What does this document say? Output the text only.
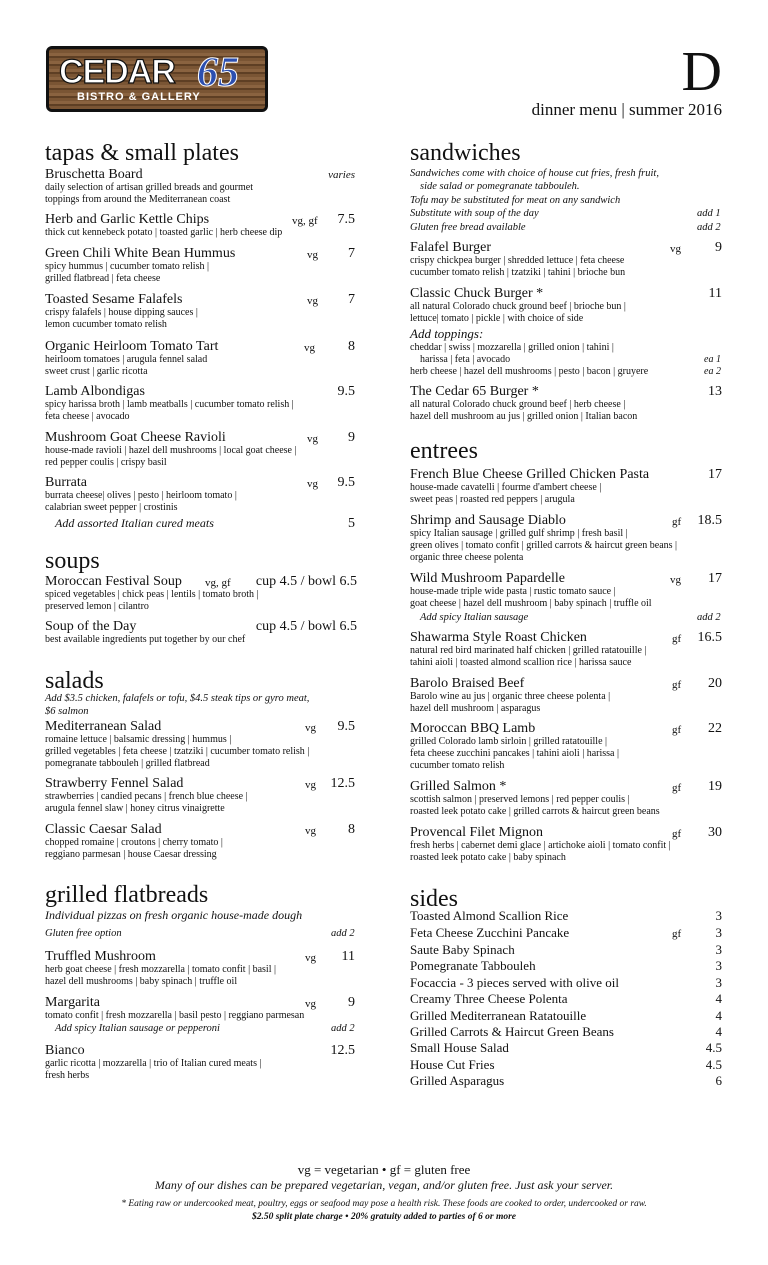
CEDAR 65
BISTRO & GALLERY	D
dinner menu | summer 2016
tapas & small plates
Bruschetta Board	varies
daily selection of artisan grilled breads and gourmet
toppings from around the Mediterranean coast
Herb and Garlic Kettle Chips	vg, gf 7.5
thick cut kennebeck potato | toasted garlic | herb cheese dip
Green Chili White Bean Hummus	vg 7
spicy hummus | cucumber tomato relish |
grilled flatbread | feta cheese
Toasted Sesame Falafels	vg 7
crispy falafels | house dipping sauces |
lemon cucumber tomato relish
Organic Heirloom Tomato Tart	vg 8
heirloom tomatoes | arugula fennel salad
sweet crust | garlic ricotta
Lamb Albondigas	9.5
spicy harissa broth | lamb meatballs | cucumber tomato relish |
feta cheese | avocado
Mushroom Goat Cheese Ravioli	vg 9
house-made ravioli | hazel dell mushrooms | local goat cheese |
red pepper coulis | crispy basil
Burrata	vg 9.5
burrata cheese| olives | pesto | heirloom tomato |
calabrian sweet pepper | crostinis
Add assorted Italian cured meats	5
soups
Moroccan Festival Soup vg, gf cup 4.5 / bowl 6.5
spiced vegetables | chick peas | lentils | tomato broth |
preserved lemon | cilantro
Soup of the Day	cup 4.5 / bowl 6.5
best available ingredients put together by our chef
salads
Add $3.5 chicken, falafels or tofu, $4.5 steak tips or gyro meat,
$6 salmon
Mediterranean Salad	vg 9.5
romaine lettuce | balsamic dressing | hummus |
grilled vegetables | feta cheese | tzatziki | cucumber tomato relish |
pomegranate tabbouleh | grilled flatbread
Strawberry Fennel Salad	vg 12.5
strawberries | candied pecans | french blue cheese |
arugula fennel slaw | honey citrus vinaigrette
Classic Caesar Salad	vg 8
chopped romaine | croutons | cherry tomato |
reggiano parmesan | house Caesar dressing
grilled flatbreads
Individual pizzas on fresh organic house-made dough
Gluten free option	add 2
Truffled Mushroom	vg 11
herb goat cheese | fresh mozzarella | tomato confit | basil |
hazel dell mushrooms | baby spinach | truffle oil
Margarita	vg 9
tomato confit | fresh mozzarella | basil pesto | reggiano parmesan
Add spicy Italian sausage or pepperoni	add 2
Bianco	12.5
garlic ricotta | mozzarella | trio of Italian cured meats |
fresh herbs
sandwiches
Sandwiches come with choice of house cut fries, fresh fruit,
side salad or pomegranate tabbouleh.
Tofu may be substituted for meat on any sandwich
Substitute with soup of the day	add 1
Gluten free bread available	add 2
Falafel Burger	vg 9
crispy chickpea burger | shredded lettuce | feta cheese
cucumber tomato relish | tzatziki | tahini | brioche bun
Classic Chuck Burger *	11
all natural Colorado chuck ground beef | brioche bun |
lettuce| tomato | pickle | with choice of side
Add toppings:
cheddar | swiss | mozzarella | grilled onion | tahini |
harissa | feta | avocado	ea 1
herb cheese | hazel dell mushrooms | pesto | bacon | gruyere	ea 2
The Cedar 65 Burger *	13
all natural Colorado chuck ground beef | herb cheese |
hazel dell mushroom au jus | grilled onion | Italian bacon
entrees
French Blue Cheese Grilled Chicken Pasta	17
house-made cavatelli | fourme d'ambert cheese |
sweet peas | roasted red peppers | arugula
Shrimp and Sausage Diablo	gf 18.5
spicy Italian sausage | grilled gulf shrimp | fresh basil |
green olives | tomato confit | grilled carrots & haircut green beans |
organic three cheese polenta
Wild Mushroom Papardelle	vg 17
house-made triple wide pasta | rustic tomato sauce |
goat cheese | hazel dell mushroom | baby spinach | truffle oil
Add spicy Italian sausage	add 2
Shawarma Style Roast Chicken	gf 16.5
natural red bird marinated half chicken | grilled ratatouille |
tahini aioli | toasted almond scallion rice | harissa sauce
Barolo Braised Beef	gf 20
Barolo wine au jus | organic three cheese polenta |
hazel dell mushroom | asparagus
Moroccan BBQ Lamb	gf 22
grilled Colorado lamb sirloin | grilled ratatouille |
feta cheese zucchini pancakes | tahini aioli | harissa |
cucumber tomato relish
Grilled Salmon *	gf 19
scottish salmon | preserved lemons | red pepper coulis |
roasted leek potato cake | grilled carrots & haircut green beans
Provencal Filet Mignon	gf 30
fresh herbs | cabernet demi glace | artichoke aioli | tomato confit |
roasted leek potato cake | baby spinach
sides
Toasted Almond Scallion Rice	3
Feta Cheese Zucchini Pancake	gf	3
Saute Baby Spinach	3
Pomegranate Tabbouleh	3
Focaccia - 3 pieces served with olive oil	3
Creamy Three Cheese Polenta	4
Grilled Mediterranean Ratatouille	4
Grilled Carrots & Haircut Green Beans	4
Small House Salad	4.5
House Cut Fries	4.5
Grilled Asparagus	6
vg = vegetarian • gf = gluten free
Many of our dishes can be prepared vegetarian, vegan, and/or gluten free. Just ask your server.
* Eating raw or undercooked meat, poultry, eggs or seafood may pose a health risk. These foods are cooked to order, undercooked or raw.
$2.50 split plate charge • 20% gratuity added to parties of 6 or more
